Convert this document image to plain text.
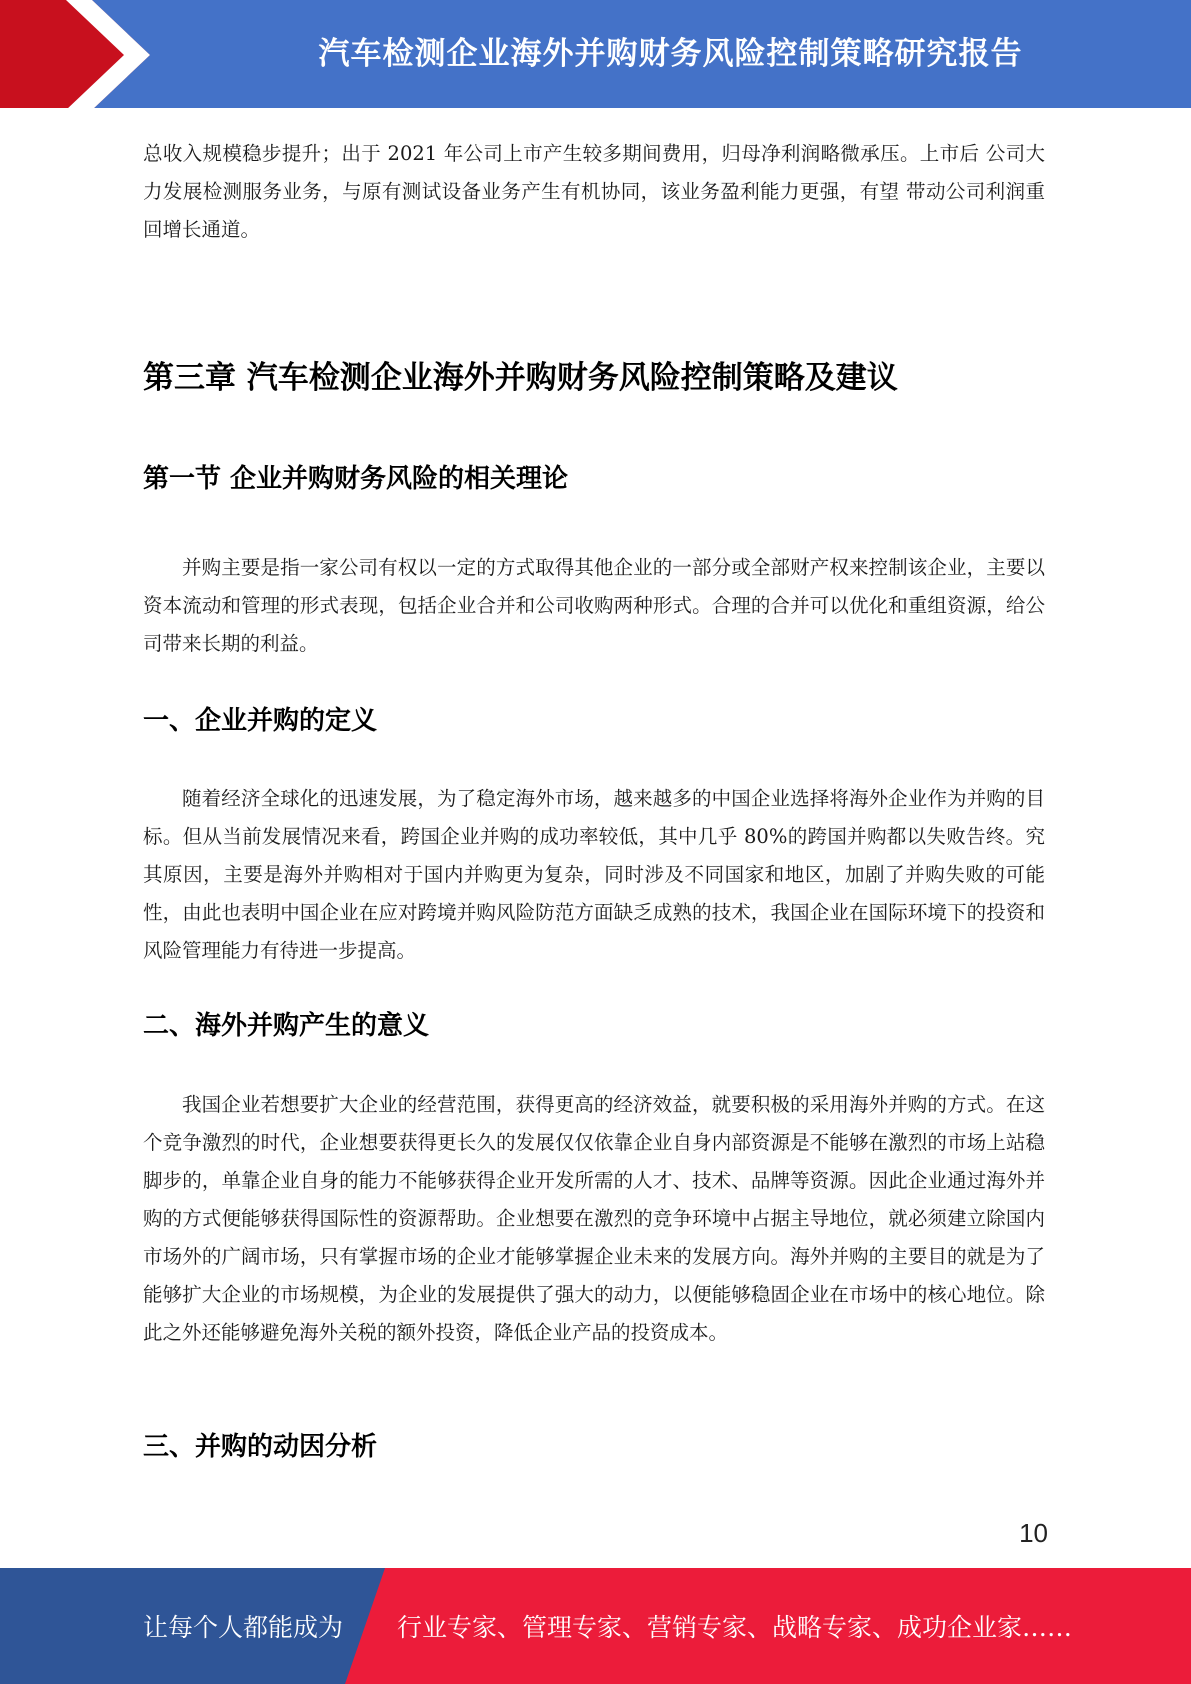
汽车检测企业海外并购财务风险控制策略研究报告

总收入规模稳步提升；出于 2021 年公司上市产生较多期间费用，归母净利润略微承压。上市后 公司大力发展检测服务业务，与原有测试设备业务产生有机协同，该业务盈利能力更强，有望 带动公司利润重回增长通道。

第三章 汽车检测企业海外并购财务风险控制策略及建议
第一节 企业并购财务风险的相关理论

并购主要是指一家公司有权以一定的方式取得其他企业的一部分或全部财产权来控制该企业，主要以资本流动和管理的形式表现，包括企业合并和公司收购两种形式。合理的合并可以优化和重组资源，给公司带来长期的利益。

一、企业并购的定义

随着经济全球化的迅速发展，为了稳定海外市场，越来越多的中国企业选择将海外企业作为并购的目标。但从当前发展情况来看，跨国企业并购的成功率较低，其中几乎 80%的跨国并购都以失败告终。究其原因，主要是海外并购相对于国内并购更为复杂，同时涉及不同国家和地区，加剧了并购失败的可能性，由此也表明中国企业在应对跨境并购风险防范方面缺乏成熟的技术，我国企业在国际环境下的投资和风险管理能力有待进一步提高。

二、海外并购产生的意义

我国企业若想要扩大企业的经营范围，获得更高的经济效益，就要积极的采用海外并购的方式。在这个竞争激烈的时代，企业想要获得更长久的发展仅仅依靠企业自身内部资源是不能够在激烈的市场上站稳脚步的，单靠企业自身的能力不能够获得企业开发所需的人才、技术、品牌等资源。因此企业通过海外并购的方式便能够获得国际性的资源帮助。企业想要在激烈的竞争环境中占据主导地位，就必须建立除国内市场外的广阔市场，只有掌握市场的企业才能够掌握企业未来的发展方向。海外并购的主要目的就是为了能够扩大企业的市场规模，为企业的发展提供了强大的动力，以便能够稳固企业在市场中的核心地位。除此之外还能够避免海外关税的额外投资，降低企业产品的投资成本。

三、并购的动因分析
10
让每个人都能成为 行业专家、管理专家、营销专家、战略专家、成功企业家……
